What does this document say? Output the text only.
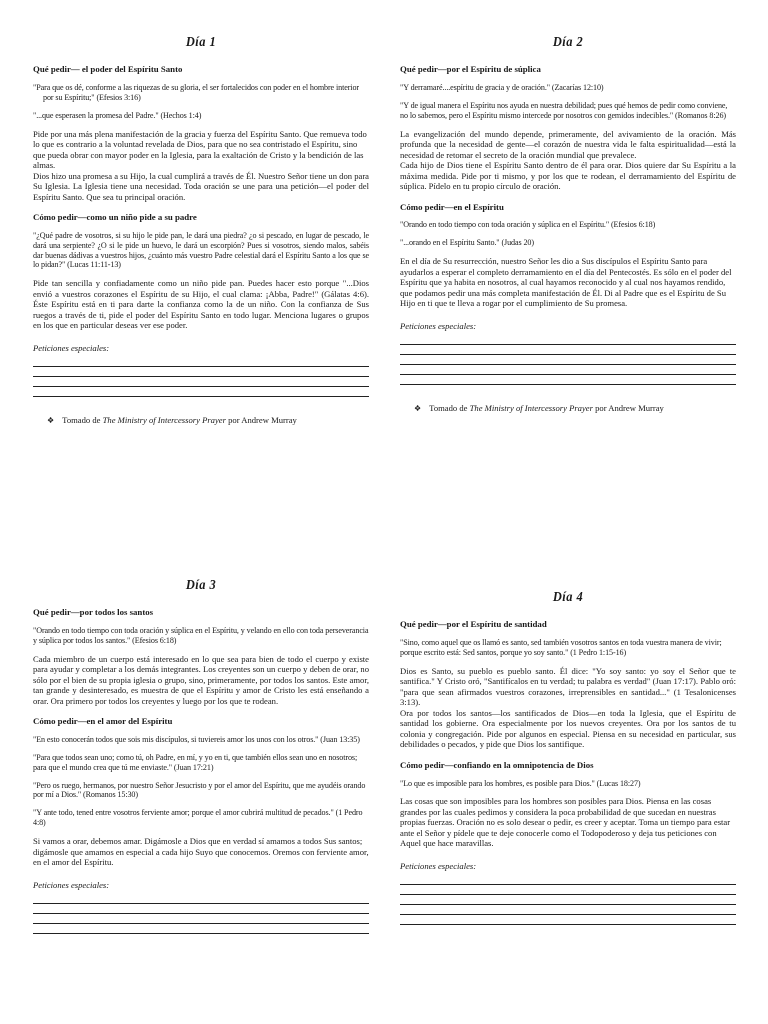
Día 1
Qué pedir— el poder del Espíritu Santo
"Para que os dé, conforme a las riquezas de su gloria, el ser fortalecidos con poder en el hombre interior por su Espíritu;" (Efesios 3:16)
"...que esperasen la promesa del Padre." (Hechos 1:4)

Pide por una más plena manifestación de la gracia y fuerza del Espíritu Santo. Que remueva todo lo que es contrario a la voluntad revelada de Dios, para que no sea contristado el Espíritu, sino que pueda obrar con mayor poder en la Iglesia, para la exaltación de Cristo y la bendición de las almas.

Dios hizo una promesa a su Hijo, la cual cumplirá a través de Él. Nuestro Señor tiene un don para Su Iglesia. La Iglesia tiene una necesidad. Toda oración se une para una petición—el poder del Espíritu Santo. Que sea tu principal oración.

Cómo pedir—como un niño pide a su padre
"¿Qué padre de vosotros, si su hijo le pide pan, le dará una piedra? ¿o si pescado, en lugar de pescado, le dará una serpiente? ¿O si le pide un huevo, le dará un escorpión? Pues si vosotros, siendo malos, sabéis dar buenas dádivas a vuestros hijos, ¿cuánto más vuestro Padre celestial dará el Espíritu Santo a los que se lo pidan?" (Lucas 11:11-13)
Pide tan sencilla y confiadamente como un niño pide pan. Puedes hacer esto porque "...Dios envió a vuestros corazones el Espíritu de su Hijo, el cual clama: ¡Abba, Padre!" (Gálatas 4:6). Éste Espíritu está en ti para darte la confianza como la de un niño. Con la confianza de Sus ruegos a través de ti, pide el poder del Espíritu Santo en todo lugar. Menciona lugares o grupos en los que en particular deseas ver ese poder.
Peticiones especiales:
❖ Tomado de The Ministry of Intercessory Prayer por Andrew Murray
Día 2
Qué pedir—por el Espíritu de súplica
"Y derramaré....espíritu de gracia y de oración." (Zacarías 12:10)
"Y de igual manera el Espíritu nos ayuda en nuestra debilidad; pues qué hemos de pedir como conviene, no lo sabemos, pero el Espíritu mismo intercede por nosotros con gemidos indecibles." (Romanos 8:26)

La evangelización del mundo depende, primeramente, del avivamiento de la oración. Más profunda que la necesidad de gente—el corazón de nuestra vida le falta espiritualidad—está la necesidad de retomar el secreto de la oración mundial que prevalece.

Cada hijo de Dios tiene el Espíritu Santo dentro de él para orar. Dios quiere dar Su Espíritu a la máxima medida. Pide por ti mismo, y por los que te rodean, el derramamiento del Espíritu de súplica. Pídelo en tu propio círculo de oración.

Cómo pedir—en el Espíritu
"Orando en todo tiempo con toda oración y súplica en el Espíritu." (Efesios 6:18)
"...orando en el Espíritu Santo." (Judas 20)
En el día de Su resurrección, nuestro Señor les dio a Sus discípulos el Espíritu Santo para ayudarlos a esperar el completo derramamiento en el día del Pentecostés. Es sólo en el poder del Espíritu que ya habita en nosotros, al cual hayamos reconocido y al cual nos hayamos rendido, que podamos pedir una más completa manifestación de Él. Di al Padre que es el Espíritu de Su Hijo en ti que te lleva a rogar por el cumplimiento de Su promesa.
Peticiones especiales:
❖ Tomado de The Ministry of Intercessory Prayer por Andrew Murray
Día 3
Qué pedir—por todos los santos
"Orando en todo tiempo con toda oración y súplica en el Espíritu, y velando en ello con toda perseverancia y súplica por todos los santos." (Efesios 6:18)
Cada miembro de un cuerpo está interesado en lo que sea para bien de todo el cuerpo y existe para ayudar y completar a los demás integrantes. Los creyentes son un cuerpo y deben de orar, no sólo por el bien de su propia iglesia o grupo, sino, primeramente, por todos los santos. Este amor, tan grande y desinteresado, es muestra de que el Espíritu y amor de Cristo les está enseñando a orar. Ora primero por todos los creyentes y luego por los que te rodean.
Cómo pedir—en el amor del Espíritu
"En esto conocerán todos que sois mis discípulos, si tuviereis amor los unos con los otros." (Juan 13:35)
"Para que todos sean uno; como tú, oh Padre, en mí, y yo en ti, que también ellos sean uno en nosotros; para que el mundo crea que tú me enviaste." (Juan 17:21)
"Pero os ruego, hermanos, por nuestro Señor Jesucristo y por el amor del Espíritu, que me ayudéis orando por mí a Dios." (Romanos 15:30)
"Y ante todo, tened entre vosotros ferviente amor; porque el amor cubrirá multitud de pecados." (1 Pedro 4:8)
Si vamos a orar, debemos amar. Digámosle a Dios que en verdad sí amamos a todos Sus santos; digámosle que amamos en especial a cada hijo Suyo que conocemos. Oremos con ferviente amor, en el amor del Espíritu.
Peticiones especiales:
Día 4
Qué pedir—por el Espíritu de santidad
"Sino, como aquel que os llamó es santo, sed también vosotros santos en toda vuestra manera de vivir; porque escrito está: Sed santos, porque yo soy santo." (1 Pedro 1:15-16)

Dios es Santo, su pueblo es pueblo santo. Él dice: "Yo soy santo: yo soy el Señor que te santifica." Y Cristo oró, "Santifícalos en tu verdad; tu palabra es verdad" (Juan 17:17). Pablo oró: "para que sean afirmados vuestros corazones, irreprensibles en santidad..." (1 Tesalonicenses 3:13).

Ora por todos los santos—los santificados de Dios—en toda la Iglesia, que el Espíritu de santidad los gobierne. Ora especialmente por los nuevos creyentes. Ora por los santos de tu colonia y congregación. Pide por algunos en especial. Piensa en su necesidad en particular, sus debilidades o pecados, y pide que Dios los santifique.

Cómo pedir—confiando en la omnipotencia de Dios
"Lo que es imposible para los hombres, es posible para Dios." (Lucas 18:27)
Las cosas que son imposibles para los hombres son posibles para Dios. Piensa en las cosas grandes por las cuales pedimos y considera la poca probabilidad de que sucedan en nuestras propias fuerzas. Oración no es solo desear o pedir, es creer y aceptar. Toma un tiempo para estar ante el Señor y pídele que te deje conocerle como el Todopoderoso y deja tus peticiones con Aquel que hace maravillas.
Peticiones especiales:
